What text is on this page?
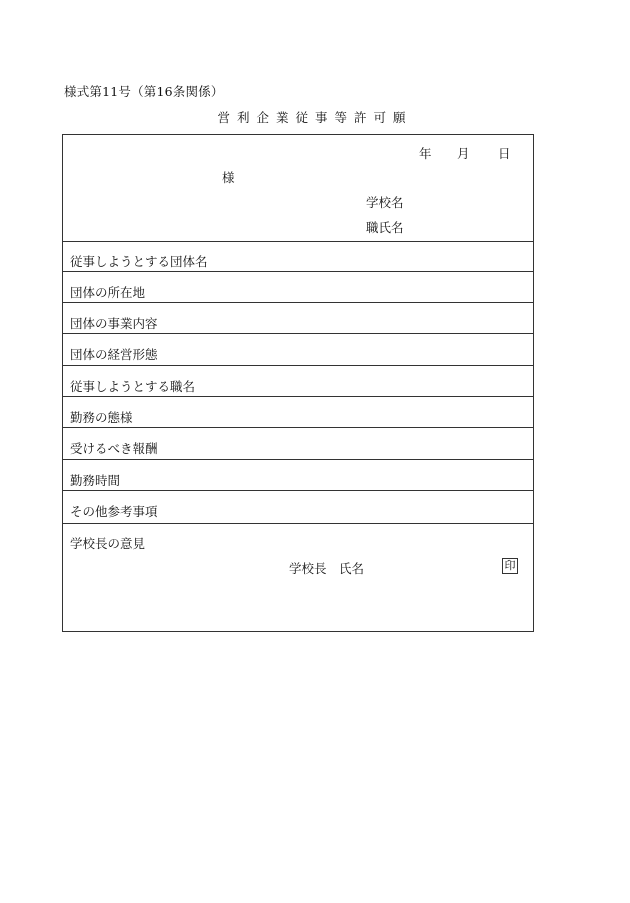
様式第11号（第16条関係）
営利企業従事等許可願
年 月 日
様
学校名
職氏名
従事しようとする団体名
団体の所在地
団体の事業内容
団体の経営形態
従事しようとする職名
勤務の態様
受けるべき報酬
勤務時間
その他参考事項
学校長の意見
学校長 氏名	印
